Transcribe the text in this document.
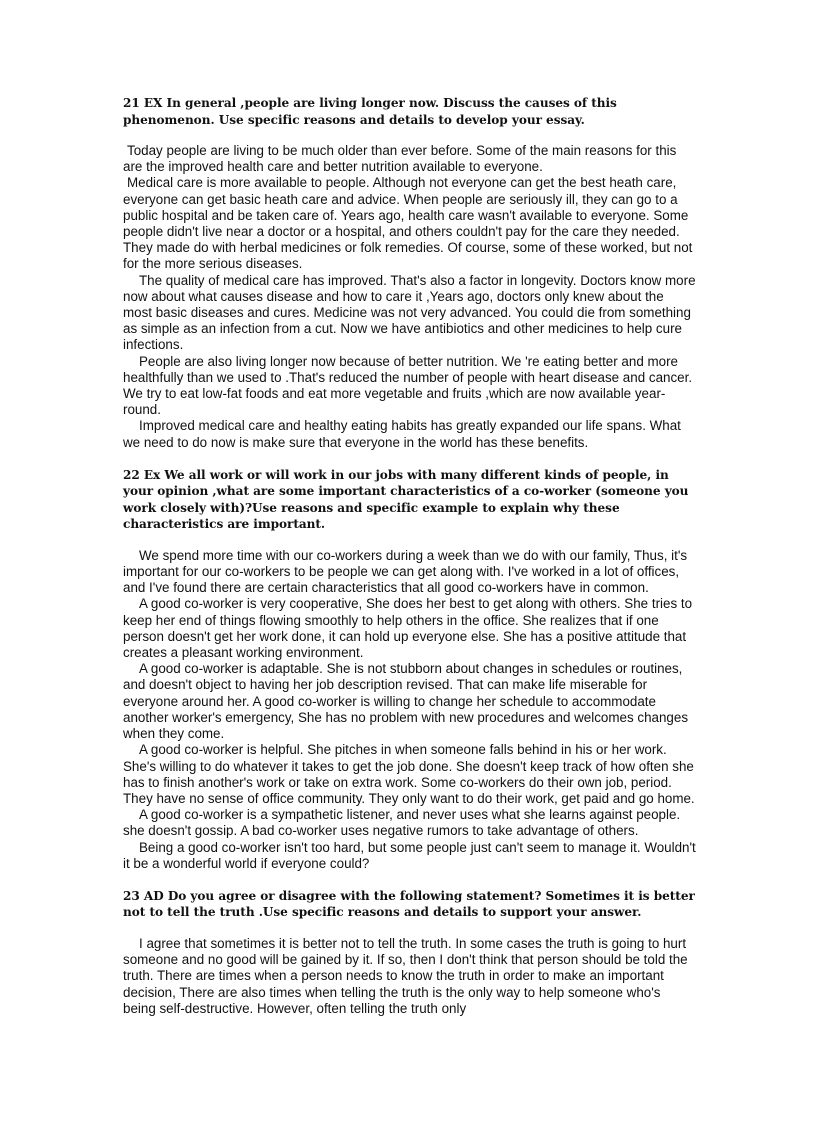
21 EX In general ,people are living longer now. Discuss the causes of this phenomenon. Use specific reasons and details to develop your essay.

Today people are living to be much older than ever before. Some of the main reasons for this are the improved health care and better nutrition available to everyone.

Medical care is more available to people. Although not everyone can get the best heath care, everyone can get basic heath care and advice. When people are seriously ill, they can go to a public hospital and be taken care of. Years ago, health care wasn't available to everyone. Some people didn't live near a doctor or a hospital, and others couldn't pay for the care they needed. They made do with herbal medicines or folk remedies. Of course, some of these worked, but not for the more serious diseases.

The quality of medical care has improved. That's also a factor in longevity. Doctors know more now about what causes disease and how to care it ,Years ago, doctors only knew about the most basic diseases and cures. Medicine was not very advanced. You could die from something as simple as an infection from a cut. Now we have antibiotics and other medicines to help cure infections.

People are also living longer now because of better nutrition. We 're eating better and more healthfully than we used to .That's reduced the number of people with heart disease and cancer. We try to eat low-fat foods and eat more vegetable and fruits ,which are now available year-round.

Improved medical care and healthy eating habits has greatly expanded our life spans. What we need to do now is make sure that everyone in the world has these benefits.

22 Ex We all work or will work in our jobs with many different kinds of people, in your opinion ,what are some important characteristics of a co-worker (someone you work closely with)?Use reasons and specific example to explain why these characteristics are important.

We spend more time with our co-workers during a week than we do with our family, Thus, it's important for our co-workers to be people we can get along with. I've worked in a lot of offices, and I've found there are certain characteristics that all good co-workers have in common.

A good co-worker is very cooperative, She does her best to get along with others. She tries to keep her end of things flowing smoothly to help others in the office. She realizes that if one person doesn't get her work done, it can hold up everyone else. She has a positive attitude that creates a pleasant working environment.

A good co-worker is adaptable. She is not stubborn about changes in schedules or routines, and doesn't object to having her job description revised. That can make life miserable for everyone around her. A good co-worker is willing to change her schedule to accommodate another worker's emergency, She has no problem with new procedures and welcomes changes when they come.

A good co-worker is helpful. She pitches in when someone falls behind in his or her work. She's willing to do whatever it takes to get the job done. She doesn't keep track of how often she has to finish another's work or take on extra work. Some co-workers do their own job, period. They have no sense of office community. They only want to do their work, get paid and go home.

A good co-worker is a sympathetic listener, and never uses what she learns against people. she doesn't gossip. A bad co-worker uses negative rumors to take advantage of others.

Being a good co-worker isn't too hard, but some people just can't seem to manage it. Wouldn't it be a wonderful world if everyone could?

23 AD Do you agree or disagree with the following statement? Sometimes it is better not to tell the truth .Use specific reasons and details to support your answer.

I agree that sometimes it is better not to tell the truth. In some cases the truth is going to hurt someone and no good will be gained by it. If so, then I don't think that person should be told the truth. There are times when a person needs to know the truth in order to make an important decision, There are also times when telling the truth is the only way to help someone who's being self-destructive. However, often telling the truth only
